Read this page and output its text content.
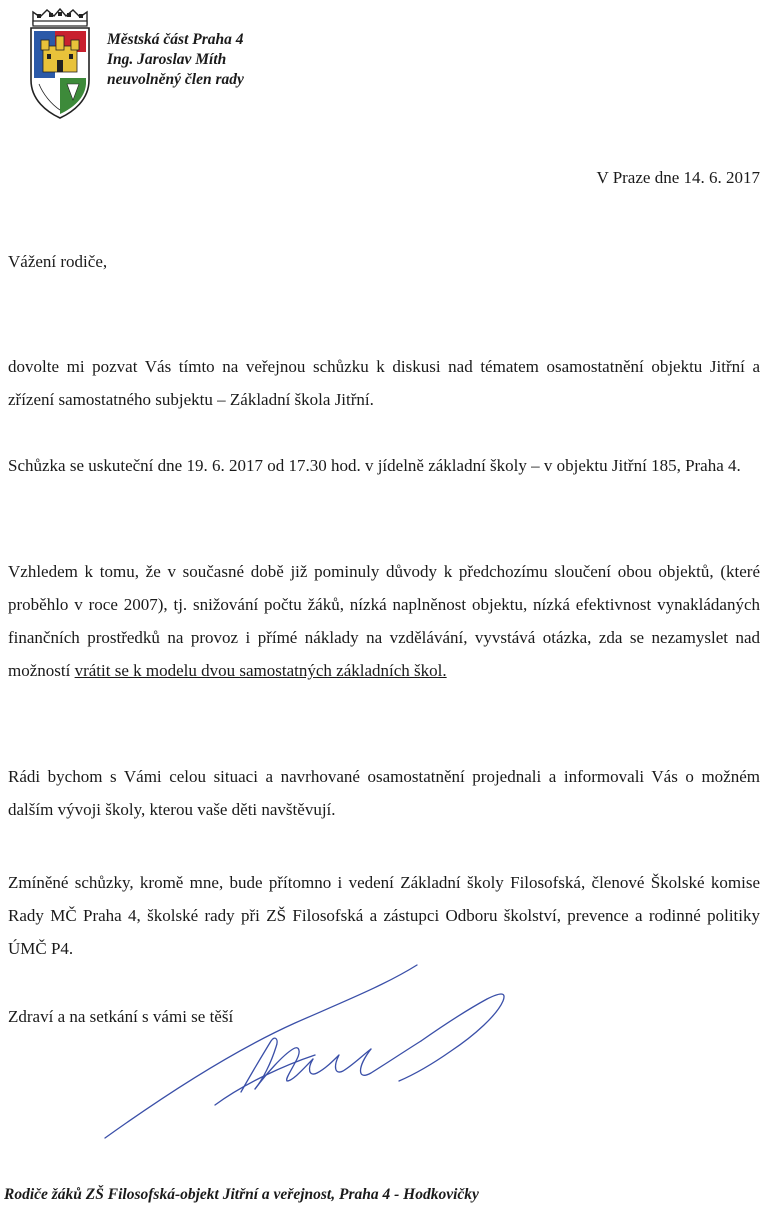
Městská část Praha 4
Ing. Jaroslav Míth
neuvolněný člen rady
V Praze dne 14. 6. 2017
Vážení rodiče,
dovolte mi pozvat Vás tímto na veřejnou schůzku k diskusi nad tématem osamostatnění objektu Jitřní a zřízení samostatného subjektu – Základní škola Jitřní.
Schůzka se uskuteční dne 19. 6. 2017 od 17.30 hod. v jídelně základní školy – v objektu Jitřní 185, Praha 4.
Vzhledem k tomu, že v současné době již pominuly důvody k předchozímu sloučení obou objektů, (které proběhlo v roce 2007), tj. snižování počtu žáků, nízká naplněnost objektu, nízká efektivnost vynakládaných finančních prostředků na provoz i přímé náklady na vzdělávání, vyvstává otázka, zda se nezamyslet nad možností vrátit se k modelu dvou samostatných základních škol.
Rádi bychom s Vámi celou situaci a navrhované osamostatnění projednali a informovali Vás o možném dalším vývoji školy, kterou vaše děti navštěvují.
Zmíněné schůzky, kromě mne, bude přítomno i vedení Základní školy Filosofská, členové Školské komise Rady MČ Praha 4, školské rady při ZŠ Filosofská a zástupci Odboru školství, prevence a rodinné politiky ÚMČ P4.
Zdraví a na setkání s vámi se těší
Rodiče žáků ZŠ Filosofská-objekt Jitřní a veřejnost, Praha 4 - Hodkovičky
